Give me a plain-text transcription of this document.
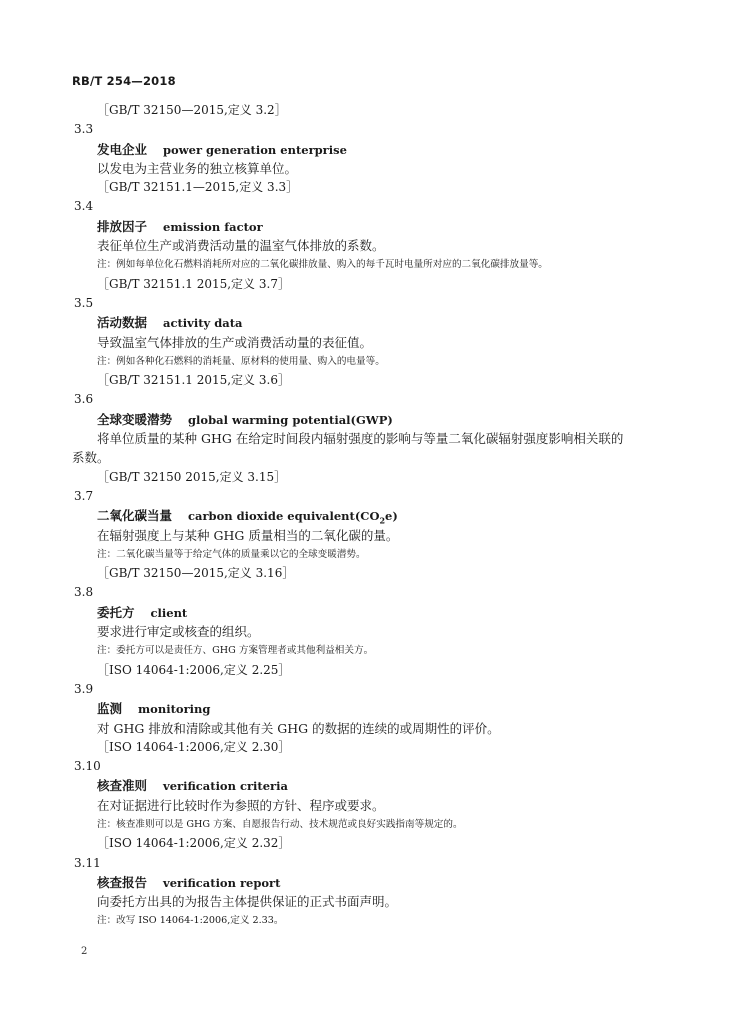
RB/T 254—2018
［GB/T 32150—2015,定义 3.2］
3.3
发电企业 power generation enterprise
以发电为主营业务的独立核算单位。
［GB/T 32151.1—2015,定义 3.3］
3.4
排放因子 emission factor
表征单位生产或消费活动量的温室气体排放的系数。
注：例如每单位化石燃料消耗所对应的二氧化碳排放量、购入的每千瓦时电量所对应的二氧化碳排放量等。
［GB/T 32151.1 2015,定义 3.7］
3.5
活动数据 activity data
导致温室气体排放的生产或消费活动量的表征值。
注：例如各种化石燃料的消耗量、原材料的使用量、购入的电量等。
［GB/T 32151.1 2015,定义 3.6］
3.6
全球变暖潜势 global warming potential(GWP)
将单位质量的某种 GHG 在给定时间段内辐射强度的影响与等量二氧化碳辐射强度影响相关联的
系数。
［GB/T 32150 2015,定义 3.15］
3.7
二氧化碳当量 carbon dioxide $equivalent(CO_2e)$
在辐射强度上与某种 GHG 质量相当的二氧化碳的量。
注：二氧化碳当量等于给定气体的质量乘以它的全球变暖潜势。
［GB/T 32150—2015,定义 3.16］
3.8
委托方 client
要求进行审定或核查的组织。
注：委托方可以是责任方、GHG 方案管理者或其他利益相关方。
［ISO 14064-1:2006,定义 2.25］
3.9
监测 monitoring
对 GHG 排放和清除或其他有关 GHG 的数据的连续的或周期性的评价。
［ISO 14064-1:2006,定义 2.30］
3.10
核查准则 verification criteria
在对证据进行比较时作为参照的方针、程序或要求。
注：核查准则可以是 GHG 方案、自愿报告行动、技术规范或良好实践指南等规定的。
［ISO 14064-1:2006,定义 2.32］
3.11
核查报告 verification report
向委托方出具的为报告主体提供保证的正式书面声明。
注：改写 ISO 14064-1:2006,定义 2.33。
2
